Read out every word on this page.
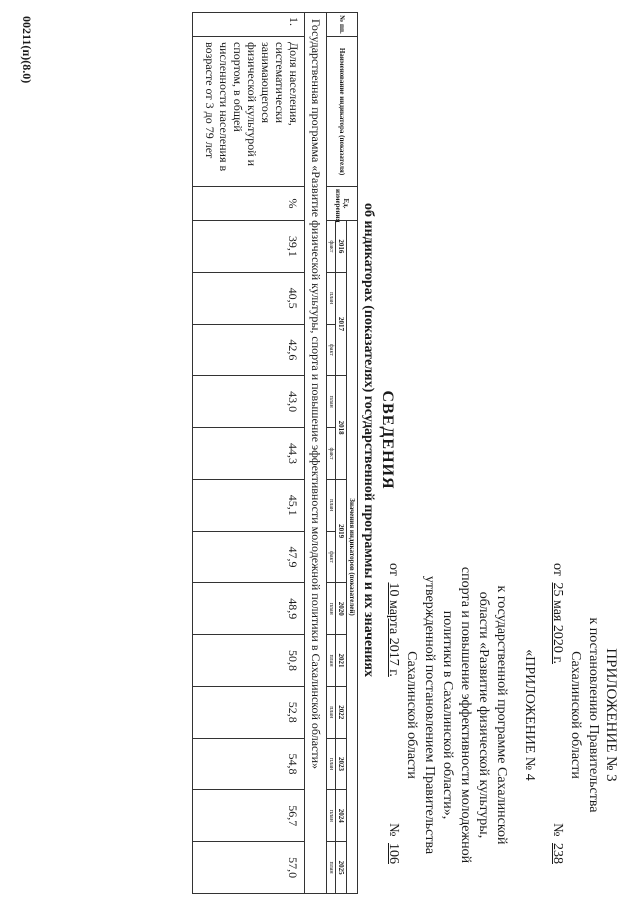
ПРИЛОЖЕНИЕ № 3
к постановлению Правительства
Сахалинской области
от 25 мая 2020 г.
№ 238
«ПРИЛОЖЕНИЕ № 4
к государственной программе Сахалинской
области «Развитие физической культуры,
спорта и повышение эффективности молодежной
политики в Сахалинской области»,
утвержденной постановлением Правительства
Сахалинской области
от 10 марта 2017 г.
№ 106
СВЕДЕНИЯ
об индикаторах (показателях) государственной программы и их значениях
№ пп.	Наименование индикатора (показателя)	Ед. измерения	Значения индикаторов (показателей)												
			2016	2017		2018		2019		2020	2021	2022	2023	2024	2025
			факт	план	факт	план	факт	план	факт	план	план	план	план	план	план
Государственная программа «Развитие физической культуры, спорта и повышение эффективности молодежной политики в Сахалинской области»															
1.	Доля населения, систематически занимающегося физической культурой и спортом, в общей численности населения в возрасте от 3 до 79 лет	%	39,1	40,5	42,6	43,0	44,3	45,1	47,9	48,9	50,8	52,8	54,8	56,7	57,0
00211(п)(8.0)
